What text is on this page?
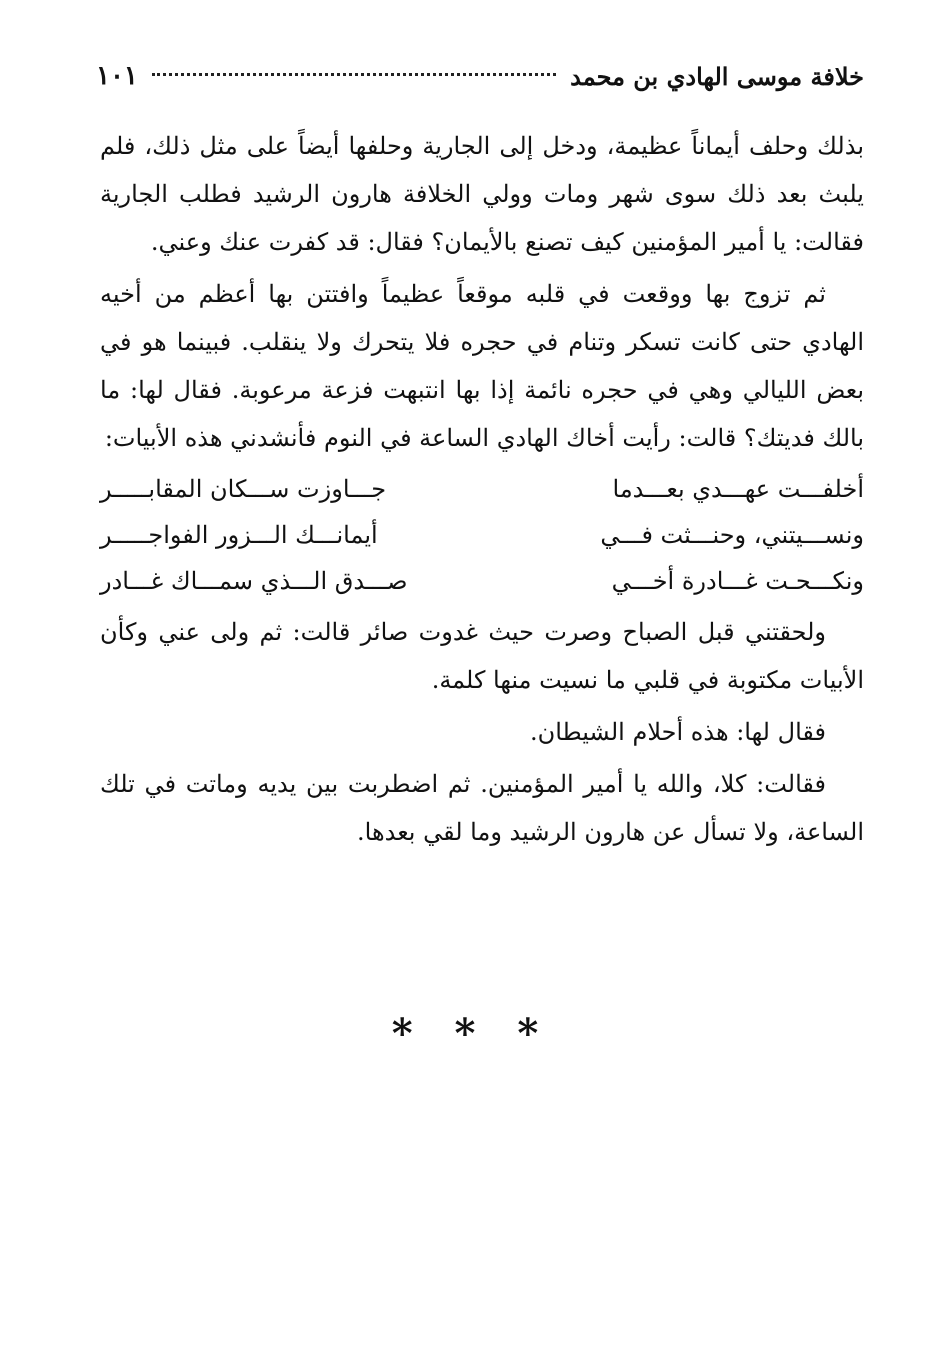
خلافة موسى الهادي بن محمد
١٠١

بذلك وحلف أيماناً عظيمة، ودخل إلى الجارية وحلفها أيضاً على مثل ذلك، فلم يلبث بعد ذلك سوى شهر ومات وولي الخلافة هارون الرشيد فطلب الجارية فقالت: يا أمير المؤمنين كيف تصنع بالأيمان؟ فقال: قد كفرت عنك وعني.

ثم تزوج بها ووقعت في قلبه موقعاً عظيماً وافتتن بها أعظم من أخيه الهادي حتى كانت تسكر وتنام في حجره فلا يتحرك ولا ينقلب. فبينما هو في بعض الليالي وهي في حجره نائمة إذا بها انتبهت فزعة مرعوبة. فقال لها: ما بالك فديتك؟ قالت: رأيت أخاك الهادي الساعة في النوم فأنشدني هذه الأبيات:

أخلفـــت عهـــدي بعـــدما
جـــاوزت ســـكان المقابـــــر
ونســـيتني، وحنـــثت فـــي
أيمانـــك الـــزور الفواجـــــر
ونكـــحـت غـــادرة أخـــي
صـــدق الـــذي سمـــاك غـــادر

ولحقتني قبل الصباح وصرت حيث غدوت صائر قالت: ثم ولى عني وكأن الأبيات مكتوبة في قلبي ما نسيت منها كلمة.

فقال لها: هذه أحلام الشيطان.

فقالت: كلا، والله يا أمير المؤمنين. ثم اضطربت بين يديه وماتت في تلك الساعة، ولا تسأل عن هارون الرشيد وما لقي بعدها.

* * *
